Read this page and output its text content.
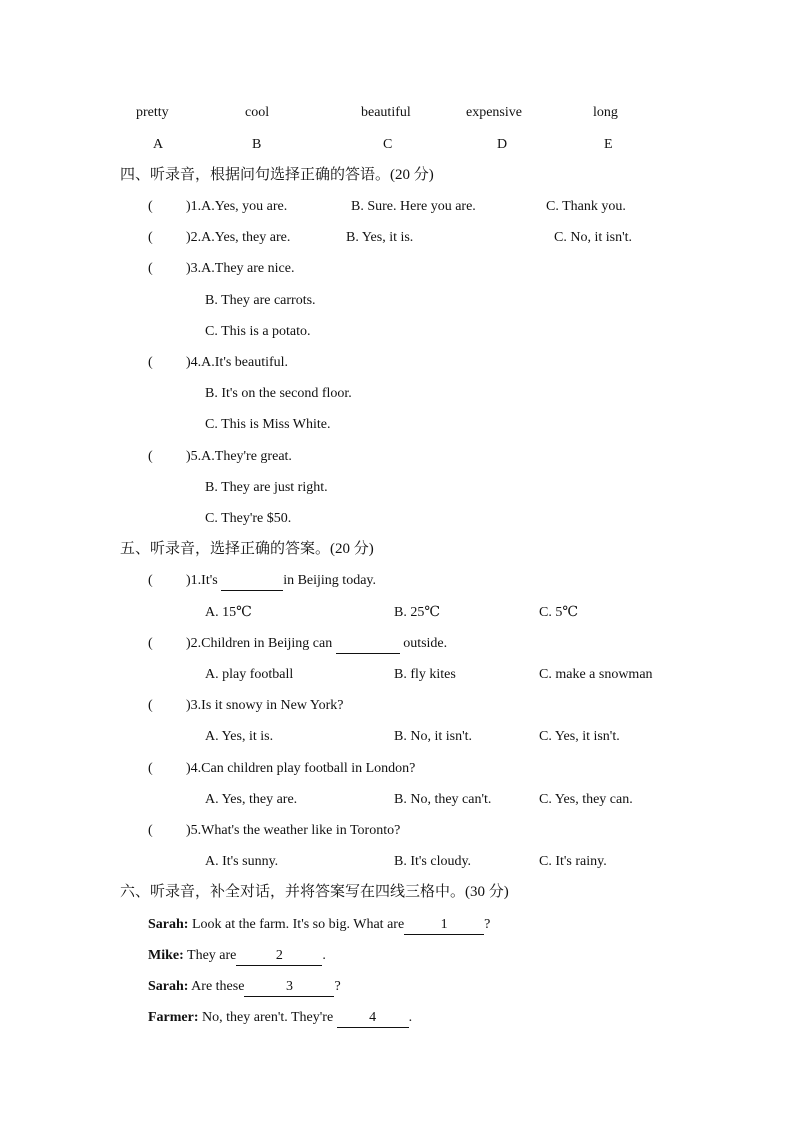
pretty	cool	beautiful	expensive	long
A	B	C	D	E
四、听录音，根据问句选择正确的答语。(20 分)
( )1.A.Yes, you are.	B. Sure. Here you are.	C. Thank you.
( )2.A.Yes, they are.	B. Yes, it is.	C. No, it isn't.
( )3.A.They are nice.
B. They are carrots.
C. This is a potato.
( )4.A.It's beautiful.
B. It's on the second floor.
C. This is Miss White.
( )5.A.They're great.
B. They are just right.
C. They're $50.
五、听录音，选择正确的答案。(20 分)
( )1.It's	in Beijing today.
A. 15℃	B. 25℃	C. 5℃
( )2.Children in Beijing can	outside.
A. play football	B. fly kites	C. make a snowman
( )3.Is it snowy in New York?
A. Yes, it is.	B. No, it isn't.	C. Yes, it isn't.
( )4.Can children play football in London?
A. Yes, they are.	B. No, they can't.	C. Yes, they can.
( )5.What's the weather like in Toronto?
A. It's sunny.	B. It's cloudy.	C. It's rainy.
六、听录音，补全对话，并将答案写在四线三格中。(30 分)
Sarah: Look at the farm. It's so big. What are	1	?
Mike: They are	2	.
Sarah: Are these	3	?
Farmer: No, they aren't. They're 4 .
